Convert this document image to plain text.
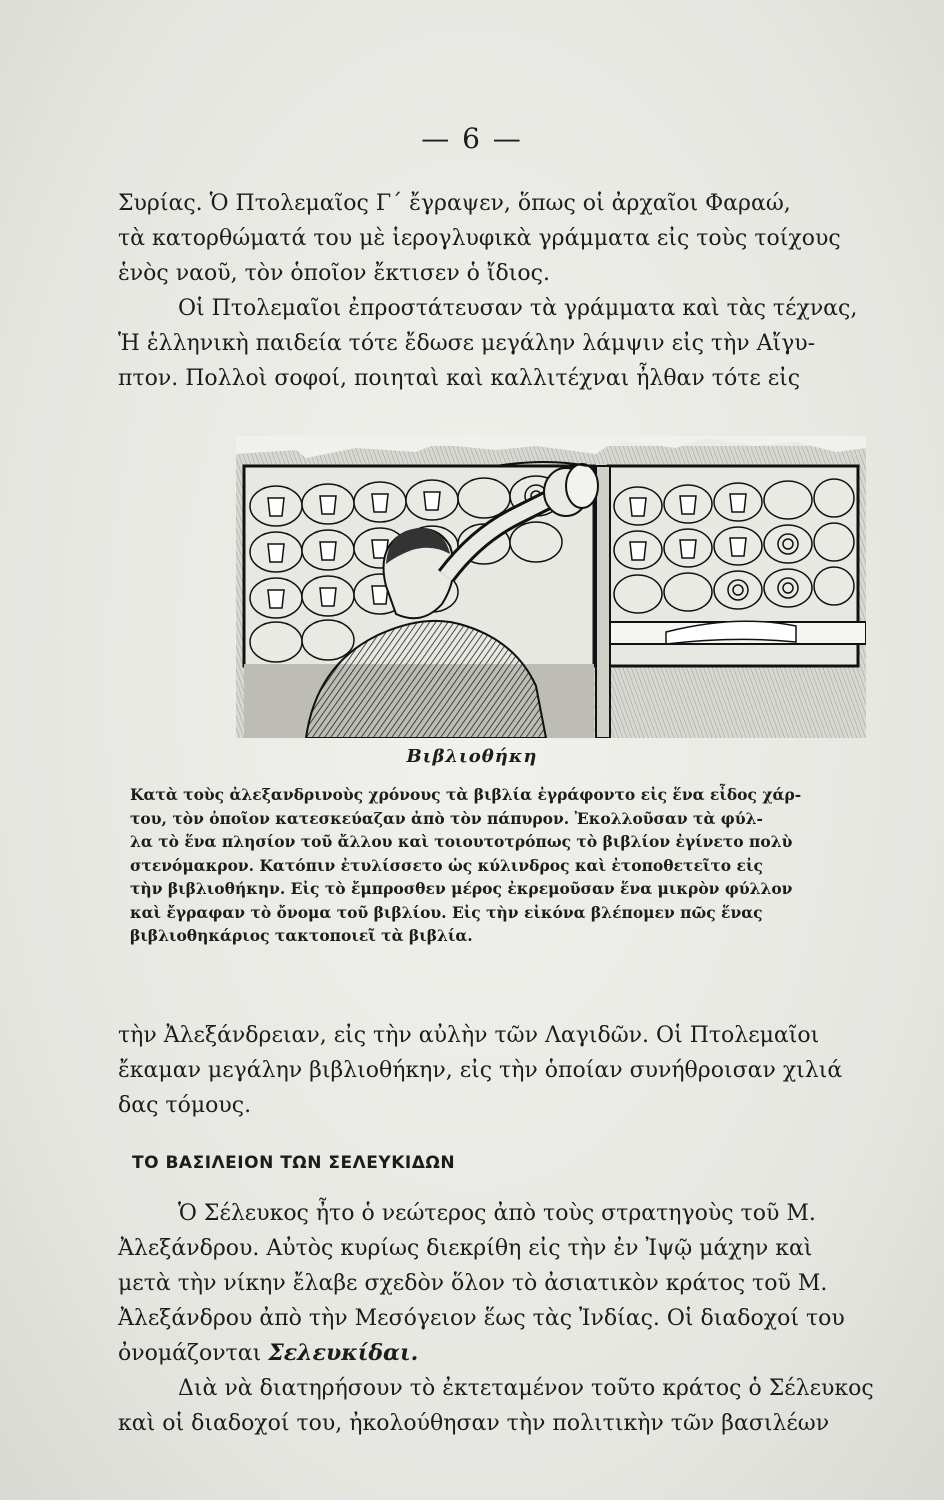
— 6 —

Συρίας. Ὁ Πτολεμαῖος Γ΄ ἔγραψεν, ὅπως οἱ ἀρχαῖοι Φαραώ,
τὰ κατορθώματά του μὲ ἱερογλυφικὰ γράμματα εἰς τοὺς τοίχους
ἑνὸς ναοῦ, τὸν ὁποῖον ἔκτισεν ὁ ἴδιος.
Οἱ Πτολεμαῖοι ἐπροστάτευσαν τὰ γράμματα καὶ τὰς τέχνας,
Ἡ ἑλληνικὴ παιδεία τότε ἔδωσε μεγάλην λάμψιν εἰς τὴν Αἴγυ-
πτον. Πολλοὶ σοφοί, ποιηταὶ καὶ καλλιτέχναι ἦλθαν τότε εἰς

Βιβλιοθήκη

Κατὰ τοὺς ἀλεξανδρινοὺς χρόνους τὰ βιβλία ἐγράφοντο εἰς ἕνα εἶδος χάρ-
του, τὸν ὁποῖον κατεσκεύαζαν ἀπὸ τὸν πάπυρον. Ἐκολλοῦσαν τὰ φύλ-
λα τὸ ἕνα πλησίον τοῦ ἄλλου καὶ τοιουτοτρόπως τὸ βιβλίον ἐγίνετο πολὺ
στενόμακρον. Κατόπιν ἐτυλίσσετο ὡς κύλινδρος καὶ ἐτοποθετεῖτο εἰς
τὴν βιβλιοθήκην. Εἰς τὸ ἔμπροσθεν μέρος ἐκρεμοῦσαν ἕνα μικρὸν φύλλον
καὶ ἔγραφαν τὸ ὄνομα τοῦ βιβλίου. Εἰς τὴν εἰκόνα βλέπομεν πῶς ἕνας
βιβλιοθηκάριος τακτοποιεῖ τὰ βιβλία.

τὴν Ἀλεξάνδρειαν, εἰς τὴν αὐλὴν τῶν Λαγιδῶν. Οἱ Πτολεμαῖοι
ἔκαμαν μεγάλην βιβλιοθήκην, εἰς τὴν ὁποίαν συνήθροισαν χιλιά
δας τόμους.

ΤΟ ΒΑΣΙΛΕΙΟΝ ΤΩΝ ΣΕΛΕΥΚΙΔΩΝ

Ὁ Σέλευκος ἦτο ὁ νεώτερος ἀπὸ τοὺς στρατηγοὺς τοῦ Μ.
Ἀλεξάνδρου. Αὐτὸς κυρίως διεκρίθη εἰς τὴν ἐν Ἰψῷ μάχην καὶ
μετὰ τὴν νίκην ἔλαβε σχεδὸν ὅλον τὸ ἀσιατικὸν κράτος τοῦ Μ.
Ἀλεξάνδρου ἀπὸ τὴν Μεσόγειον ἕως τὰς Ἰνδίας. Οἱ διαδοχοί του
ὀνομάζονται Σελευκίδαι.
Διὰ νὰ διατηρήσουν τὸ ἐκτεταμένον τοῦτο κράτος ὁ Σέλευκος
καὶ οἱ διαδοχοί του, ἠκολούθησαν τὴν πολιτικὴν τῶν βασιλέων
